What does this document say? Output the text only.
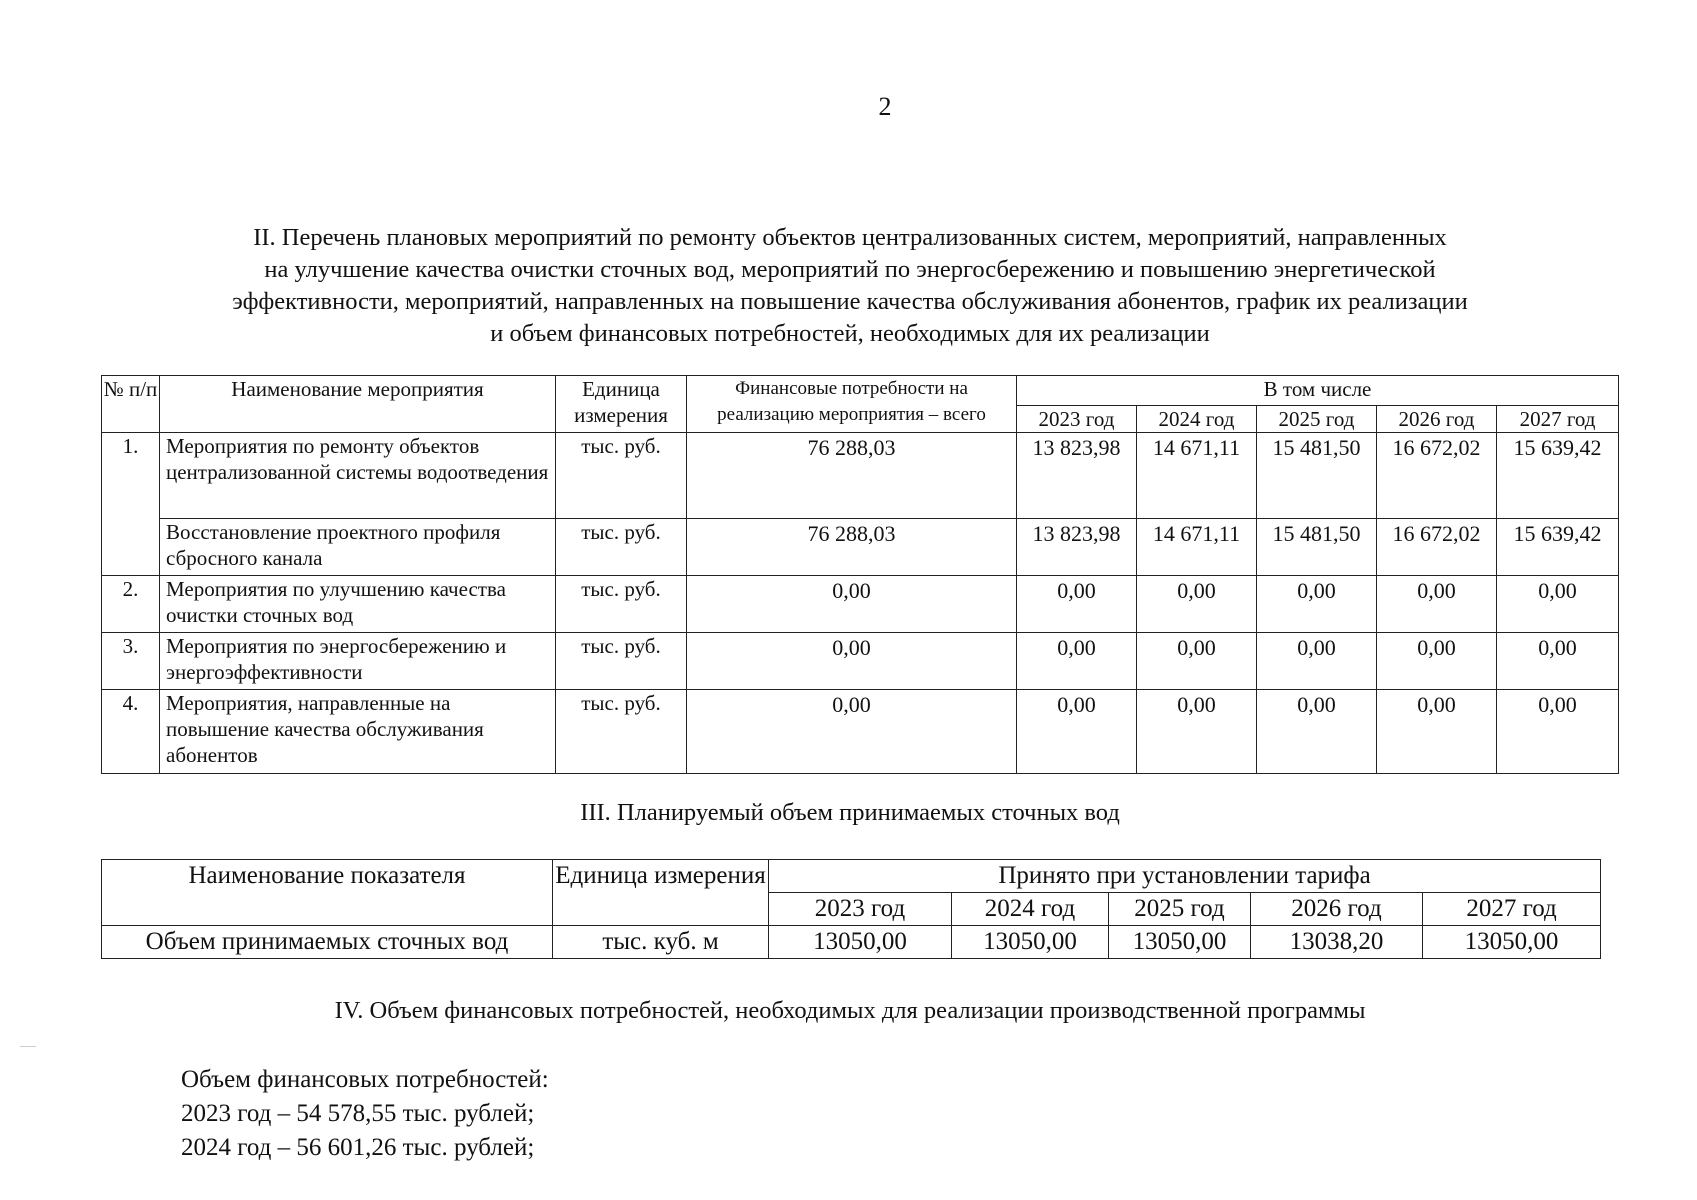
2
II. Перечень плановых мероприятий по ремонту объектов централизованных систем, мероприятий, направленных
на улучшение качества очистки сточных вод, мероприятий по энергосбережению и повышению энергетической
эффективности, мероприятий, направленных на повышение качества обслуживания абонентов, график их реализации
и объем финансовых потребностей, необходимых для их реализации
№ п/п	Наименование мероприятия	Единица измерения	Финансовые потребности на реализацию мероприятия – всего	В том числе				
				2023 год	2024 год	2025 год	2026 год	2027 год
1.	Мероприятия по ремонту объектов централизованной системы водоотведения	тыс. руб.	76 288,03	13 823,98	14 671,11	15 481,50	16 672,02	15 639,42
	Восстановление проектного профиля сбросного канала	тыс. руб.	76 288,03	13 823,98	14 671,11	15 481,50	16 672,02	15 639,42
2.	Мероприятия по улучшению качества очистки сточных вод	тыс. руб.	0,00	0,00	0,00	0,00	0,00	0,00
3.	Мероприятия по энергосбережению и энергоэффективности	тыс. руб.	0,00	0,00	0,00	0,00	0,00	0,00
4.	Мероприятия, направленные на повышение качества обслуживания абонентов	тыс. руб.	0,00	0,00	0,00	0,00	0,00	0,00
III. Планируемый объем принимаемых сточных вод
Наименование показателя	Единица измерения	Принято при установлении тарифа				
		2023 год	2024 год	2025 год	2026 год	2027 год
Объем принимаемых сточных вод	тыс. куб. м	13050,00	13050,00	13050,00	13038,20	13050,00
IV. Объем финансовых потребностей, необходимых для реализации производственной программы
Объем финансовых потребностей:
2023 год – 54 578,55 тыс. рублей;
2024 год – 56 601,26 тыс. рублей;
